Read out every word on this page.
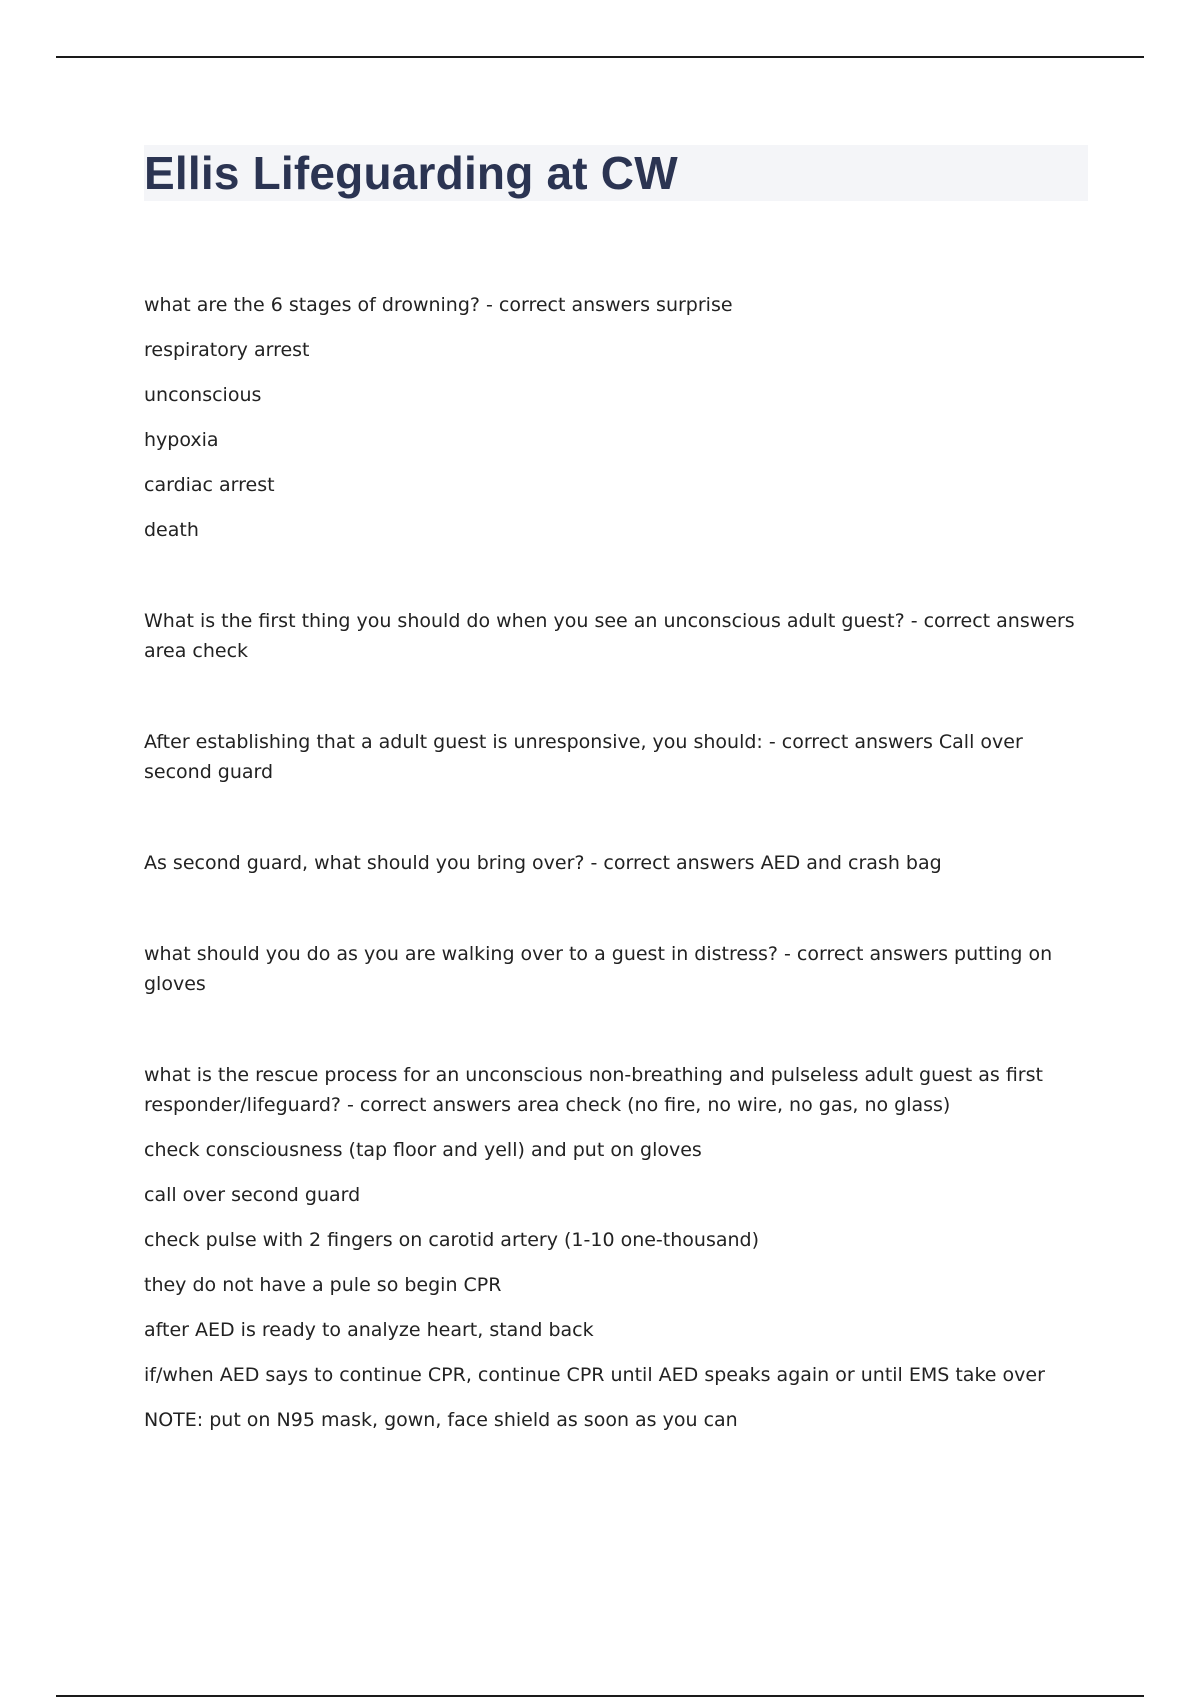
Ellis Lifeguarding at CW
what are the 6 stages of drowning? - correct answers surprise
respiratory arrest
unconscious
hypoxia
cardiac arrest
death
What is the first thing you should do when you see an unconscious adult guest? - correct answers area check
After establishing that a adult guest is unresponsive, you should: - correct answers Call over second guard
As second guard, what should you bring over? - correct answers AED and crash bag
what should you do as you are walking over to a guest in distress? - correct answers putting on gloves
what is the rescue process for an unconscious non-breathing and pulseless adult guest as first responder/lifeguard? - correct answers area check (no fire, no wire, no gas, no glass)
check consciousness (tap floor and yell) and put on gloves
call over second guard
check pulse with 2 fingers on carotid artery (1-10 one-thousand)
they do not have a pule so begin CPR
after AED is ready to analyze heart, stand back
if/when AED says to continue CPR, continue CPR until AED speaks again or until EMS take over
NOTE: put on N95 mask, gown, face shield as soon as you can
